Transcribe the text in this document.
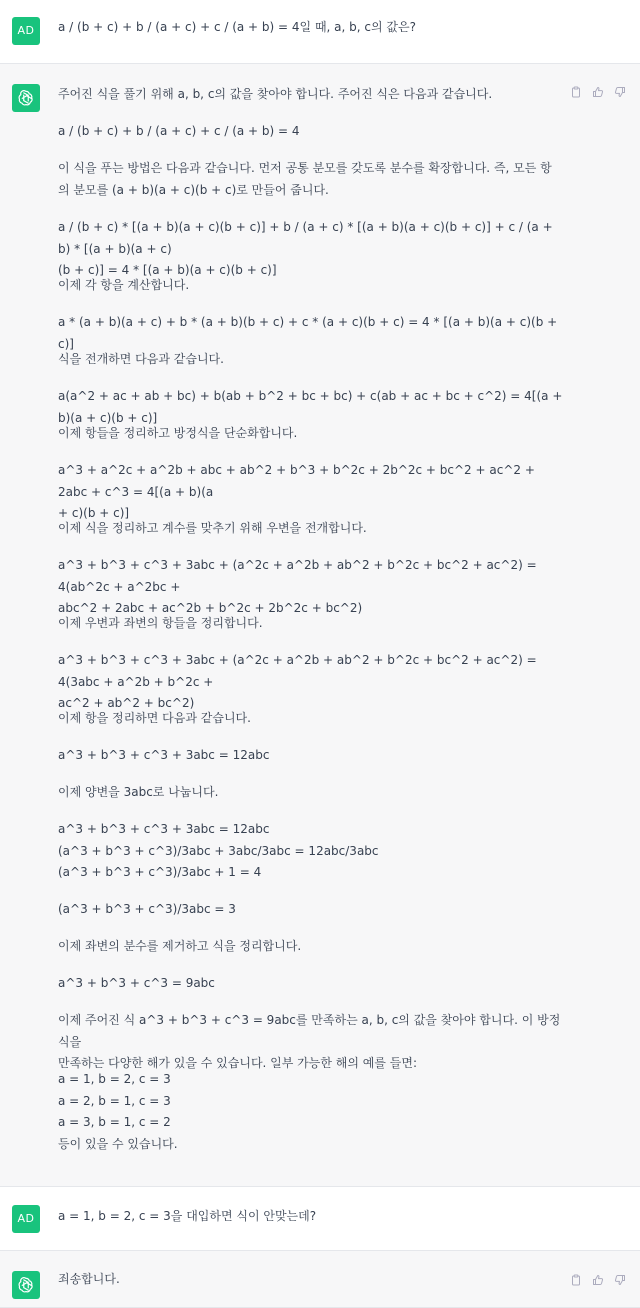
AD	a / (b + c) + b / (a + c) + c / (a + b) = 4일 때, a, b, c의 값은?
주어진 식을 풀기 위해 a, b, c의 값을 찾아야 합니다. 주어진 식은 다음과 같습니다.
a / (b + c) + b / (a + c) + c / (a + b) = 4
이 식을 푸는 방법은 다음과 같습니다. 먼저 공통 분모를 갖도록 분수를 확장합니다. 즉, 모든 항
의 분모를 (a + b)(a + c)(b + c)로 만들어 줍니다.
a / (b + c) * [(a + b)(a + c)(b + c)] + b / (a + c) * [(a + b)(a + c)(b + c)] + c / (a + b) * [(a + b)(a + c)
(b + c)] = 4 * [(a + b)(a + c)(b + c)]
이제 각 항을 계산합니다.
a * (a + b)(a + c) + b * (a + b)(b + c) + c * (a + c)(b + c) = 4 * [(a + b)(a + c)(b + c)]
식을 전개하면 다음과 같습니다.
a(a^2 + ac + ab + bc) + b(ab + b^2 + bc + bc) + c(ab + ac + bc + c^2) = 4[(a + b)(a + c)(b + c)]
이제 항들을 정리하고 방정식을 단순화합니다.
a^3 + a^2c + a^2b + abc + ab^2 + b^3 + b^2c + 2b^2c + bc^2 + ac^2 + 2abc + c^3 = 4[(a + b)(a
+ c)(b + c)]
이제 식을 정리하고 계수를 맞추기 위해 우변을 전개합니다.
a^3 + b^3 + c^3 + 3abc + (a^2c + a^2b + ab^2 + b^2c + bc^2 + ac^2) = 4(ab^2c + a^2bc +
abc^2 + 2abc + ac^2b + b^2c + 2b^2c + bc^2)
이제 우변과 좌변의 항들을 정리합니다.
a^3 + b^3 + c^3 + 3abc + (a^2c + a^2b + ab^2 + b^2c + bc^2 + ac^2) = 4(3abc + a^2b + b^2c +
ac^2 + ab^2 + bc^2)
이제 항을 정리하면 다음과 같습니다.
a^3 + b^3 + c^3 + 3abc = 12abc
이제 양변을 3abc로 나눕니다.
a^3 + b^3 + c^3 + 3abc = 12abc
(a^3 + b^3 + c^3)/3abc + 3abc/3abc = 12abc/3abc
(a^3 + b^3 + c^3)/3abc + 1 = 4
(a^3 + b^3 + c^3)/3abc = 3
이제 좌변의 분수를 제거하고 식을 정리합니다.
a^3 + b^3 + c^3 = 9abc
이제 주어진 식 a^3 + b^3 + c^3 = 9abc를 만족하는 a, b, c의 값을 찾아야 합니다. 이 방정식을
만족하는 다양한 해가 있을 수 있습니다. 일부 가능한 해의 예를 들면:
a = 1, b = 2, c = 3
a = 2, b = 1, c = 3
a = 3, b = 1, c = 2
등이 있을 수 있습니다.
AD	a = 1, b = 2, c = 3을 대입하면 식이 안맞는데?
죄송합니다.
